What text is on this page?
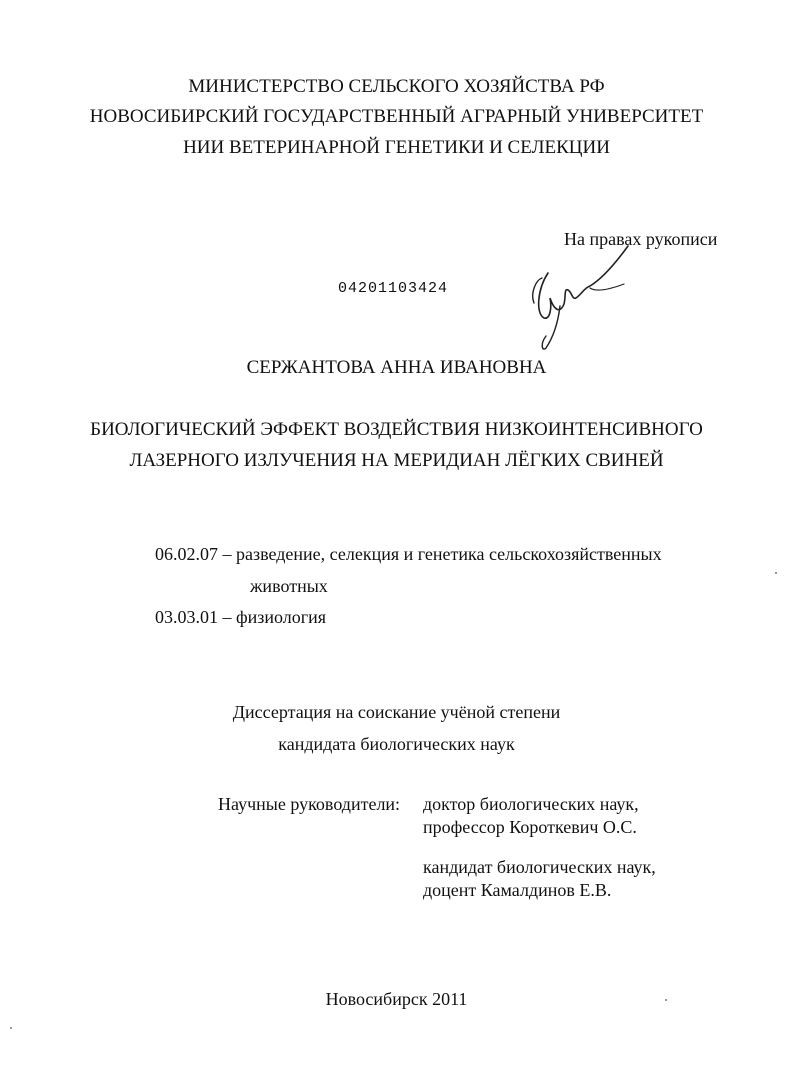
МИНИСТЕРСТВО СЕЛЬСКОГО ХОЗЯЙСТВА РФ
НОВОСИБИРСКИЙ ГОСУДАРСТВЕННЫЙ АГРАРНЫЙ УНИВЕРСИТЕТ
НИИ ВЕТЕРИНАРНОЙ ГЕНЕТИКИ И СЕЛЕКЦИИ
На правах рукописи
04201103424
СЕРЖАНТОВА АННА ИВАНОВНА
БИОЛОГИЧЕСКИЙ ЭФФЕКТ ВОЗДЕЙСТВИЯ НИЗКОИНТЕНСИВНОГО
ЛАЗЕРНОГО ИЗЛУЧЕНИЯ НА МЕРИДИАН ЛЁГКИХ СВИНЕЙ
06.02.07 – разведение, селекция и генетика сельскохозяйственных
животных
03.03.01 – физиология
Диссертация на соискание учёной степени
кандидата биологических наук
Научные руководители: доктор биологических наук,
профессор Короткевич О.С.
кандидат биологических наук,
доцент Камалдинов Е.В.
Новосибирск 2011
